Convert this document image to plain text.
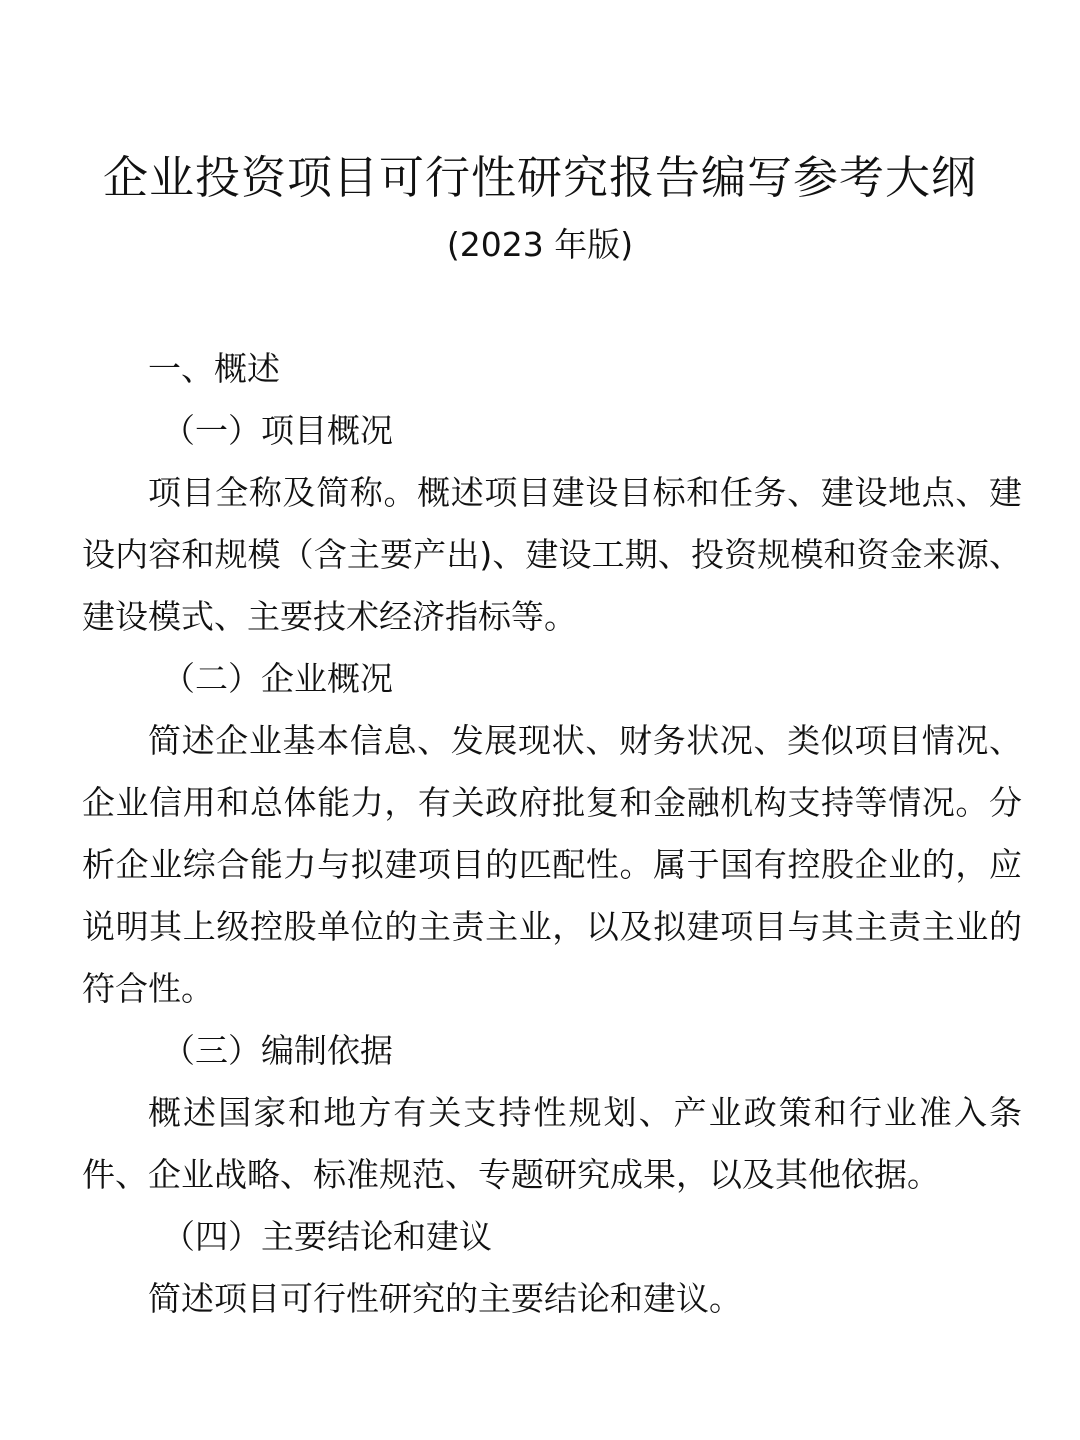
企业投资项目可行性研究报告编写参考大纲

(2023 年版)

一、概述

（一）项目概况

项目全称及简称。概述项目建设目标和任务、建设地点、建

设内容和规模（含主要产出)、建设工期、投资规模和资金来源、

建设模式、主要技术经济指标等。

（二）企业概况

简述企业基本信息、发展现状、财务状况、类似项目情况、

企业信用和总体能力，有关政府批复和金融机构支持等情况。分

析企业综合能力与拟建项目的匹配性。属于国有控股企业的，应

说明其上级控股单位的主责主业，以及拟建项目与其主责主业的

符合性。

（三）编制依据

概述国家和地方有关支持性规划、产业政策和行业准入条

件、企业战略、标准规范、专题研究成果，以及其他依据。

（四）主要结论和建议

简述项目可行性研究的主要结论和建议。
